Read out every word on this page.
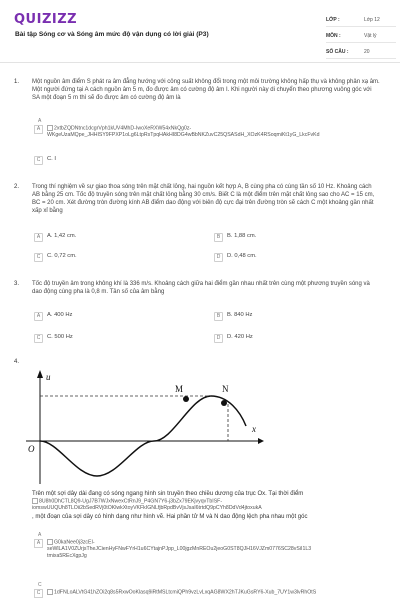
QUIZIZZ
Bài tập Sóng cơ và Sóng âm mức độ vận dụng có lời giải (P3)
LỚP :	Lớp 12
MÔN :	Vật lý
SỐ CÂU :	20
1. Một nguồn âm điểm S phát ra âm đẳng hướng với công suất không đổi trong một môi trường không hấp thụ và không phản xạ âm. Một người đứng tại A cách nguồn âm 5 m, đo được âm có cường độ âm I. Khi người này di chuyển theo phương vuông góc với SA một đoạn 5 m thì sẽ đo được âm có cường độ âm là
A
A	2xtbZQDNtnc1dcgrVph1kUV4MhD-IwoXeRXW54xNkQg0z-
WKgeUzaMQpe_JHHISY9FPXP1oLg6LtpRsTpqHAkHI8DG4wBbNKZuvC25QSASdH_XOzK4RSoqmiKt1yG_LkcFvKd
C	C. I
2. Trong thí nghiệm về sự giao thoa sóng trên mặt chất lỏng, hai nguồn kết hợp A, B cùng pha có cùng tần số 10 Hz. Khoảng cách AB bằng 25 cm. Tốc độ truyền sóng trên mặt chất lỏng bằng 30 cm/s. Biết C là một điểm trên mặt chất lỏng sao cho AC = 15 cm, BC = 20 cm. Xét đường tròn đường kính AB điểm dao động với biên độ cực đại trên đường tròn sẽ cách C một khoảng gần nhất xấp xỉ bằng
A	A. 1,42 cm.	B	B. 1,88 cm.
C	C. 0,72 cm.	D	D. 0,48 cm.
3. Tốc độ truyền âm trong không khí là 336 m/s. Khoảng cách giữa hai điểm gần nhau nhất trên cùng một phương truyền sóng và dao động cùng pha là 0,8 m. Tần số của âm bằng
A	A. 400 Hz	B	B. 840 Hz
C	C. 500 Hz	D	D. 420 Hz
4.
u
x
O
M	N
Trên một sợi dây dài đang có sóng ngang hình sin truyền theo chiều dương của trục Ox. Tại thời điểm
8U8h0DhCTL8Q9-UgJ7B7WJxNwexCtRnJ9_P4GN7Y6-j3bZx79EKjvyqvTbISF-
iomswUUQUh8TLOii2bSedRVj0tOKlwkXtoyVKFkIGNLfjbRpdBvVjsJsaI6trtdQ9pCYh8DdVd4jtoxukA
, một đoạn của sợi dây có hình dạng như hình vẽ. Hai phần tử M và N dao động lệch pha nhau một góc
A
A	G0kaNee0j3zcEI-
seWlLA1V0ZUrjsTheJCienHyFNwFYrH1u6CYtajnPJpp_L00jgzMnREOu2jeoG0ST8QJH16VJZm0776SC28vSiI1L3
tmixa5REcXgpJg
C
C	1dFNLoALVtG41hZOi2q8s5RxwOoKlasq9iRtMSLtcmiQPh9vzLvLxqAG8WX2hTJKuGsRY6-Xub_7UY1w3lvRhOtS
